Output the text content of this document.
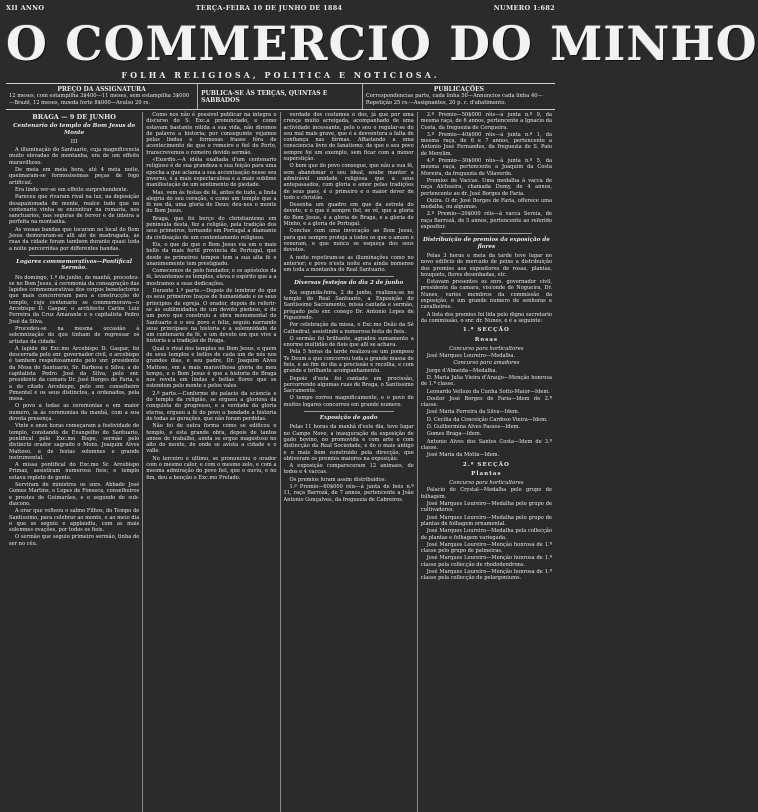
XII ANNO	TERÇA-FEIRA 10 DE JUNHO DE 1884	NUMERO 1:682
O COMMERCIO DO MINHO
FOLHA RELIGIOSA, POLITICA E NOTICIOSA.
PREÇO DA ASSIGNATURA
12 meses, com estampilha 3$400—11 meses, sem estampilha 3$000—Brazil, 12 meses, moeda forte 8$000—Avulso 20 rs.
PUBLICA-SE ÀS TERÇAS, QUINTAS E SABBADOS
PUBLICAÇÕES
Correspondencias parte, cada linha 50—Annuncios cada linha 40—Repetição 25 rs.—Assignantes, 20 p. c. d'abatimento.
BRAGA — 9 DE JUNHO
Centenario do templo do Bom Jesus do Monte
III

A illuminação do Santuario, cuja magnificencia muito elevadas de montanha, era de um effeito maravilhoso.

De meia em meia hora, até 4 meia noite, queimaram-se formosissimas peças de fogo artificial.

Era lindo ver-se um effeito surprehendente.

Pareceu que rivaram rival na luz, na deposição desapaixonada de mente, realce tudo que no centenario vinha se encontrar na romaria, nos sanctuarios, nas seguras de fervor e de inteira a perfeita na montanha.

As vossas bandas que tocaram no local do Bom Jesus demoraram-se alli até de madrugada, as ruas da cidade foram tambem durante quasi toda a noite percorridas por differentes bandas.

Logares commemorativos—Pontifical Sermão.

No domingo, 1.º de junho, de manhã, procedeu-se no Bom Jesus, á ceremonia da consagração das lapides commemorativas dos corpos benefactores que mais concorreram para a construcção do templo, cujo centenario se commemorava—o Arcebispo D. Gaspar, o architecto Carlos Luiz Ferreira da Cruz Amarante e o capitalista Pedro José da Silva.

Procedeu-se na mesma occasião á solemnização do que tinham de regressar os artistas da cidade.

A lapide do Exc.mo Arcebispo D. Gaspar, foi descerrada pelo snr. governador civil, o arcebispo é tambem respeitosamente pelo snr. presidente da Mesa do Santuario, Sr. Barbosa e Silva; a do capitalista Pedro José da Silva, pelo snr. presidente da camara Dr. José Borges de Faria, e a do citado Arcebispo, pelo snr. conselheiro Pimentel e os seus distinctos, a ordenados, pela mesa.

O povo a todas as ceremonias e em maior numero, ia ás ceremonias da manhã, com a sua devota presença.

Vinte e onze horas começaram a festividade do templo, constando de Evangelho do Santuario, pontifical pelo Exc.mo Bispo, sermão pelo distincto orador sagrado o Mons. Joaquim Alves Mattoso, e de festas solemnes e grande instrumental.

A missa pontifical do Exc.mo Sr. Arcebispo Primaz, assistiram numeroso fieis; o templo estava repleto de gente.

Serviram de ministros os snrs. Abbade José Gomes Martins, e Lopes de Fonseca, conselheiros e prestes de Guimarães, e o segundo de sub-diacono.

A orar que volteou o salmo Filhos, do Tempo de Santissimo, para celebrar ao monte, e ao meio dia o que se seguiu e applaudiu, com as mais solemnes ovações, por todos os fieis.

O sermão que seguiu primeiro sermão, tinha de ser no céu.

Como nos não é possivel publicar na integra o discurso do S. Exc.a pronunciado, e como estavam bastante nitida a sua vida, não diremos de palavra a historia; por conseguinte vejamos pelas lindas e formosas frases fóra de acontecimento de que o romeiro e fiel do Porto, transcrevemos o romeiro devido sermão.

«Exordio.—A idéia exaltada d'um centenario religioso é de sua grandeza e sua feição para uma epocha a que aclama a sua accentuação nesse seu inverno, é a mais espectaculosa e a mais sublime manifestação de um sentimento de piedade.

Mas, vem ás festas de fé, antes de tudo, a linda alegria do seu coração, e como um templo que a fé nos dá, uma gloria de Deus; deu-nos o monte do Bom Jesus.

Braga, que foi berço do christianismo em peninsula desta, fez a religião, pela tradição dos seus primeiros, tornando em Portugal a diamante da civilisação de um contentamento religioso.

Eis, o que do que o Bom Jesus via em o mais bello da mais fertil provincia de Portugal, que desde os primeiros tempos tem a sua alta fé e unanimemente tem prestigiado.

Comecemos de pelo fundador, e os apóstolos da fé, levantemos os templos, eleva o espirito que a a mostramos a suas dedicações.

Durante 1.º parte.—Depois de lembrar do que os seus primeiros traços de humanidade e os seus principios de egreja. O orador, depois de referir-se ás sublimidades de um devoto piedoso, e de um povo que construiu a obra monumental do Santuario e o seu povo e feliz, seguiu narrando seus principaes na historia e a solemnidade de um centenario da fé, e um devoto em que vive a historia e a tradição de Braga.

Qual o rival dos templos no Bom Jesus, e quem de seus templos e bellos de cada um de nós nos grandes dias, e seu padre, Dr. Joaquim Alves Mattoso, em a mais maravilhosa gloria do meu tempo, e o Bom Jesus é que a historia de Braga nos revela em lindas e bellas flores que se estendem pelo monte e pelos vales.

2.º parte.—Conforme do palacio da sciencia e do templo da religião, se ergueu a gloriosa da conquista do progresso, e a verdade da gloria eterna, ergueu a fé do povo a bondade a historia de todas as gerações, que não foram perdidas.

Não foi de outra forma como se edificou o templo, e esta grande obra, depois de tantos annos de trabalho, ainda se ergue magestoso no alto do monte, de onde se avista a cidade e o valle.

No terceiro e ultimo, se pronunciou o orador com o mesmo calor, e com o mesmo zelo, e com a mesma admiração do povo fiel, que o ouviu, e no fim, deu a benção o Exc.mo Prelado.

verdade dos costumes e dos, já que por uma crença muito arreigada, acompanhado de uma actividade incessante, pelo o seu o regular-se do seu mal mais grave, que é a desventura a falta de confiança nas fórmas. Affastando a uma consciencia livre do fanatismo, de que o seu povo sempre foi um exemplo, sem ficar com a menor superstição.

O bom que do povo consegue, que não a sua fé, sem abandonar o seu ideal, soube manter a admirável unidade religiosa que a seus antepassados, com gloria e amor pelas tradições de seus paes, é o primeiro e o maior dever de todo o christão.

Desenha um quadro em que da estrela do devoto, e o que é sempre fiel, se vê, que a gloria do Bom Jesus, é a gloria de Braga, e a gloria do Minho, e a gloria de Portugal.

Conclue com uma invocação ao Bom Jesus, para que sempre proteja a todos os que o amam e veneram, e que nunca se esqueça dos seus devotos.

A noite repetiram-se as illuminações como no anterior; e povo n'esta noite era ainda immenso em toda a montanha do Real Santuario.

Diversas festejos do dia 2 de junho

Na segunda-feira, 2 de junho, realizou-se no templo do Real Santuario, a Exposição do Santissimo Sacramento, missa cantada e sermão, prégado pelo snr. conego Dr. Antonio Lopes de Figueiredo.

Por celebração da missa, o Exc.mo Deão da Sé Cathedral, assistindo a numerosa festa de fieis.

O sermão foi brilhante, agradou sumamente a enorme multidão de fieis que alli se achava.

Pela 5 horas da tarde realizou-se um pomposo Te Deum a que concorreu toda a grande massa de fieis, e ao fim do dia a procissão e recolha, e com grande e brilhante acompanhamento.

Depois d'esta foi cantado em procissão, percorrendo algumas ruas de Braga, o Santissimo Sacramento.

O tempo correu magnificamente, e o povo de muitos logares concorreu em grande numero.

Exposição de gado

Pelas 11 horas da manhã d'este dia, teve lugar no Campo Novo, a inauguração da exposição de gado bovino, no promovida e com arte e com distincção da Real Sociedade, e do o mais antigo e o mais bem construido pela direcção, que obtiveram os premios maiores na exposição.

A exposição compareceram 12 animaes, de todos e 4 vaccas.

Os premios foram assim distribuidos:

1.º Premio—60$000 réis—á junta de bois n.º 11, raça Barrozã, de 7 annos, pertencente a João Antonio Gonçalves, da freguezia de Cabreiros.

2.º Premio—50$000 réis—á junta n.º 9, da mesma raça, de 6 annos, pertencente a Ignacio da Costa, da freguezia de Cerqueira.

3.º Premio—40$000 réis—á junta n.º 1, da mesma raça, de 6 e 7 annos, pertencente a Antonio José Fernandes, da freguezia de S. Paio de Merelim.

4.º Premio—30$000 réis—á junta n.º 5, da mesma raça, pertencente a Joaquim da Costa Moreira, da freguezia de Vilaverde.

Premios de Vaccas. Uma medalha á vacca de raça Alcheeira, chamada Dumy, de 4 annos, pertencente ao dr. José Borges de Faria.

Outra. O dr. José Borges de Faria, offerece uma medalha, ou algumas.

2.º Premio—20$000 réis—á vacca Sereia, de raça Barrozã, de 5 annos, pertencente ao referido expositor.

Distribuição de premios da exposição de flores

Pelas 3 horas e meia da tarde teve lugar no novo edificio de mercado de peixe a distribuição dos premios aos expositores de rosas, plantas, bouquets, flores desenhadas, etc.

Estavam presentes os snrs. governador civil, presidente da camara, visconde de Nogueira, Dr. Nunes, varios membros da commissão da exposição, e um grande numero de senhoras e cavalheiros.

A lista dos premios foi lida pelo digno secretario da commissão, o snr. dr. Nunes, e é a seguinte:

1.ª SECÇÃO
Rosas
Concurso para horticultores

José Marques Loureiro—Medalha.

Concurso para amadores

Jorge d'Almeida—Medalha.

D. Maria Julia Vieira d'Araujo—Menção honrosa de 1.ª classe.

Leonardo Vellozo da Cunha Sotto-Maior—Idem.

Doutor José Borges de Faria—Idem de 2.ª classe.

José Maria Ferreira da Silva—Idem.

D. Cecilia da Conceição Cardoso Vieira—Idem.

D. Guilhermina Alves Passos—Idem.

Gomes Braga—Idem.

Antonio Alves dos Santos Costa—Idem de 3.ª classe.

José Maria da Motta—Idem.

2.ª SECÇÃO
Plantas
Concurso para horticultores

Palacio de Crystal—Medalha pelo grupo de folhagem.

José Marques Loureiro—Medalha pelo grupo de cultivadores.

José Marques Loureiro—Medalha pelo grupo de plantas de folhagem ornamental.

José Marques Loureiro—Medalha pela collecção de plantas e folhagem variegada.

José Marques Loureiro—Menção honrosa de 1.ª classe pelo grupo de palmeiras.

José Marques Loureiro—Menção honrosa de 1.ª classe pela collecção de rhododendrons.

José Marques Loureiro—Menção honrosa de 1.ª classe pela collecção de pelargoniums.
